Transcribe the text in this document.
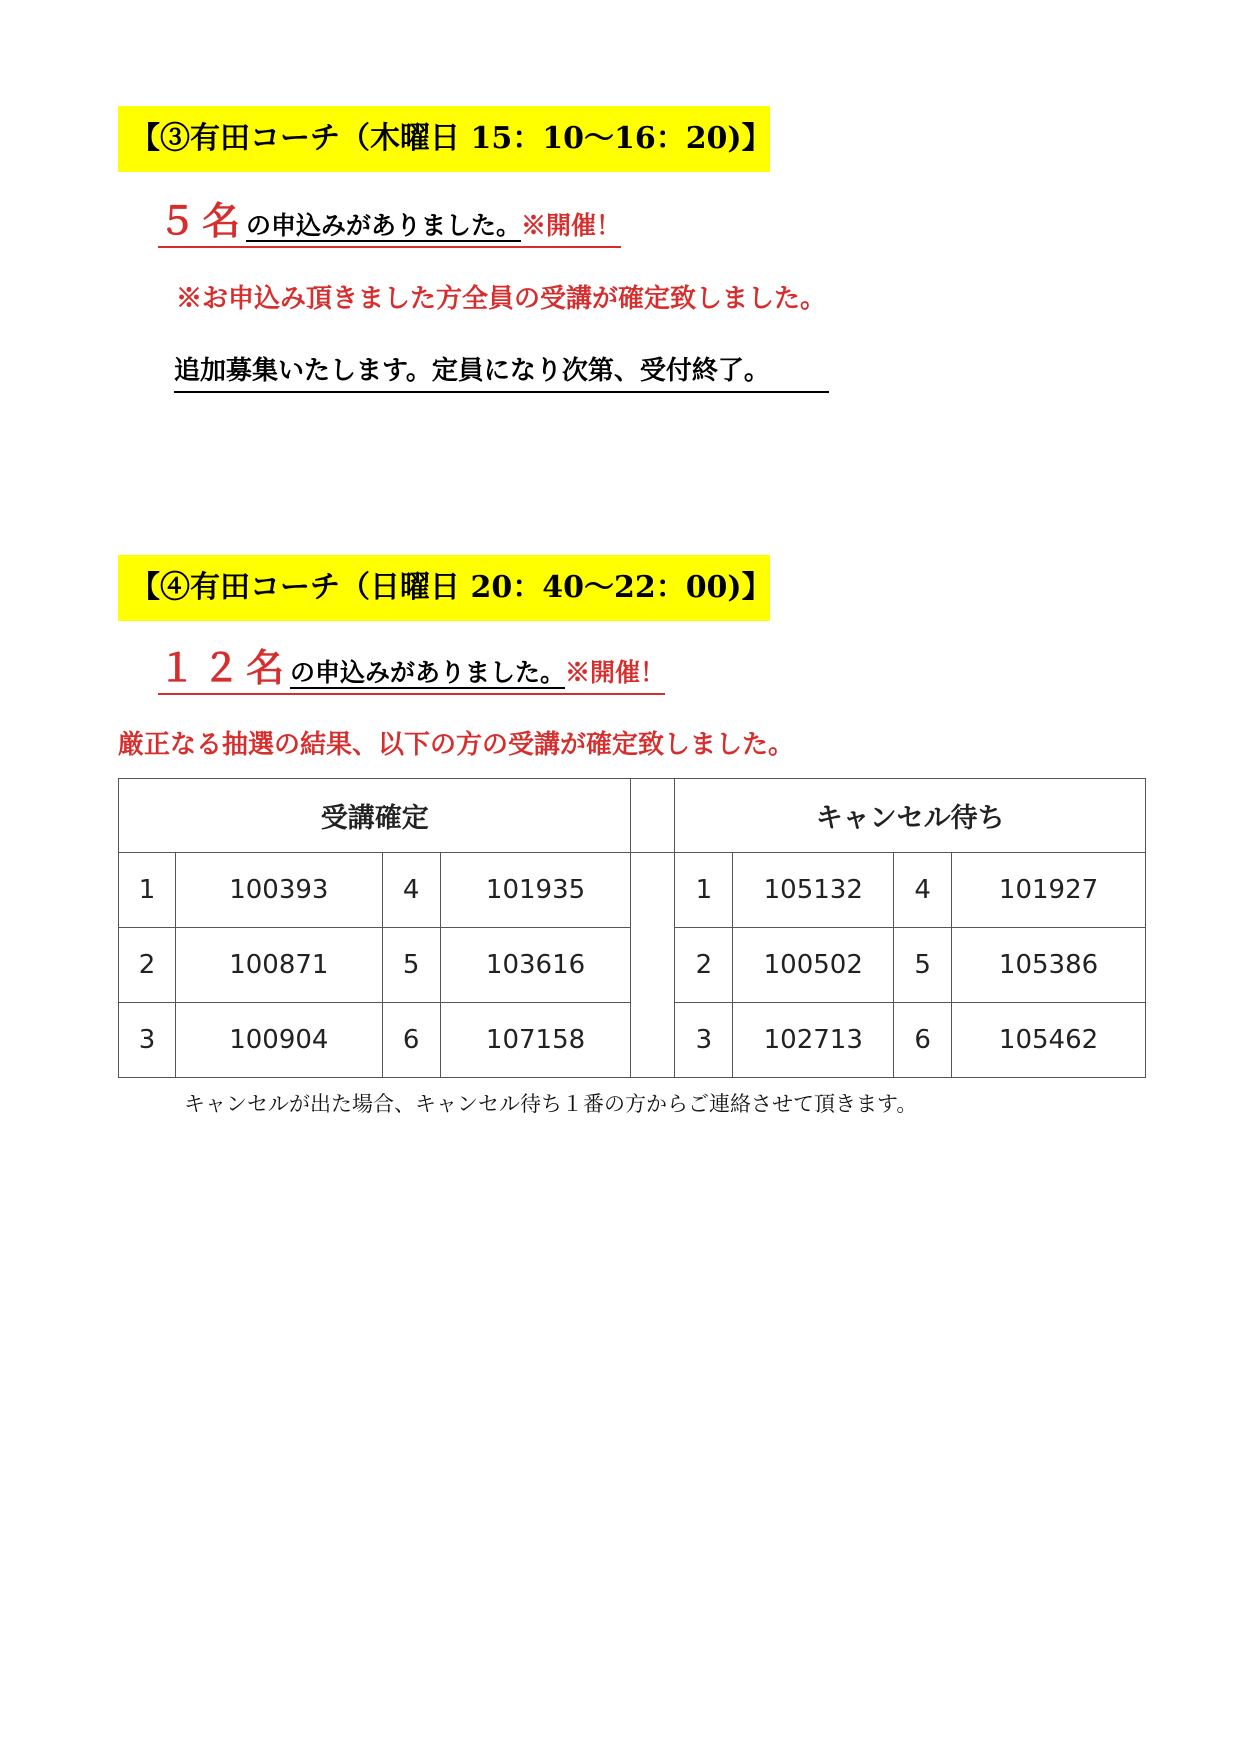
【③有田コーチ（木曜日 15：10～16：20)】
５名の申込みがありました。※開催！
※お申込み頂きました方全員の受講が確定致しました。
追加募集いたします。定員になり次第、受付終了。
【④有田コーチ（日曜日 20：40～22：00)】
１２名の申込みがありました。※開催！
厳正なる抽選の結果、以下の方の受講が確定致しました。
受講確定					キャンセル待ち			
1	100393	4	101935		1	105132	4	101927
2	100871	5	103616		2	100502	5	105386
3	100904	6	107158		3	102713	6	105462
キャンセルが出た場合、キャンセル待ち１番の方からご連絡させて頂きます。
